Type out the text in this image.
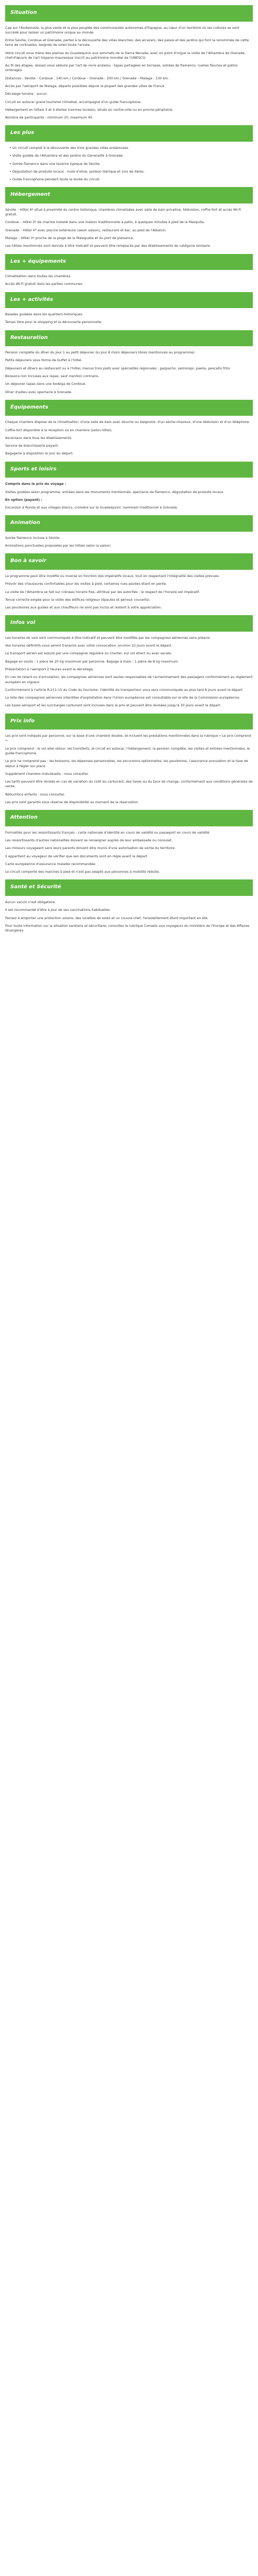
Situation

Cap sur l'Andalousie, la plus vaste et la plus peuplée des communautés autonomes d'Espagne, au cœur d'un territoire où les cultures se sont succédé pour laisser un patrimoine unique au monde.

Entre Séville, Cordoue et Grenade, partez à la découverte des villes blanches, des alcazars, des palais et des jardins qui font la renommée de cette terre de contrastes, baignée de soleil toute l'année.

Votre circuit vous mène des plaines du Guadalquivir aux sommets de la Sierra Nevada, avec en point d'orgue la visite de l'Alhambra de Grenade, chef-d'œuvre de l'art hispano-mauresque inscrit au patrimoine mondial de l'UNESCO.

Au fil des étapes, laissez-vous séduire par l'art de vivre andalou : tapas partagées en terrasse, soirées de flamenco, ruelles fleuries et patios ombragés.

Distances : Séville – Cordoue : 140 km / Cordoue – Grenade : 200 km / Grenade – Malaga : 130 km.

Accès par l'aéroport de Malaga, départs possibles depuis la plupart des grandes villes de France.

Décalage horaire : aucun.

Circuit en autocar grand tourisme climatisé, accompagné d'un guide francophone.

Hébergement en hôtels 3 et 4 étoiles (normes locales), situés en centre-ville ou en proche périphérie.

Nombre de participants : minimum 20, maximum 45.

Les plus

• Un circuit complet à la découverte des trois grandes villes andalouses.

• Visite guidée de l'Alhambra et des jardins du Generalife à Grenade.

• Soirée flamenco dans une taverne typique de Séville.

• Dégustation de produits locaux : huile d'olive, jambon ibérique et vins de Xérès.

• Guide francophone pendant toute la durée du circuit.

Hébergement

Séville – Hôtel 4* situé à proximité du centre historique, chambres climatisées avec salle de bain privative, télévision, coffre-fort et accès Wi-Fi gratuit.

Cordoue – Hôtel 3* de charme installé dans une maison traditionnelle à patio, à quelques minutes à pied de la Mezquita.

Grenade – Hôtel 4* avec piscine extérieure (selon saison), restaurant et bar, au pied de l'Albaicín.

Malaga – Hôtel 3* proche de la plage de la Malagueta et du port de plaisance.

Les hôtels mentionnés sont donnés à titre indicatif et peuvent être remplacés par des établissements de catégorie similaire.

Les + équipements

Climatisation dans toutes les chambres.

Accès Wi-Fi gratuit dans les parties communes.

Les + activités

Balades guidées dans les quartiers historiques.

Temps libre pour le shopping et la découverte personnelle.

Restauration

Pension complète du dîner du jour 1 au petit déjeuner du jour 8 (hors déjeuners libres mentionnés au programme).

Petits déjeuners sous forme de buffet à l'hôtel.

Déjeuners et dîners au restaurant ou à l'hôtel, menus trois plats avec spécialités régionales : gazpacho, salmorejo, paella, pescaíto frito.

Boissons non incluses aux repas, sauf mention contraire.

Un déjeuner tapas dans une bodega de Cordoue.

Dîner d'adieu avec spectacle à Grenade.

Équipements

Chaque chambre dispose de la climatisation, d'une salle de bain avec douche ou baignoire, d'un sèche-cheveux, d'une télévision et d'un téléphone.

Coffre-fort disponible à la réception ou en chambre (selon hôtel).

Ascenseur dans tous les établissements.

Service de blanchisserie payant.

Bagagerie à disposition le jour du départ.

Sports et loisirs

Compris dans le prix du voyage :

Visites guidées selon programme, entrées dans les monuments mentionnés, spectacle de flamenco, dégustation de produits locaux.

En option (payant) :

Excursion à Ronda et aux villages blancs, croisière sur le Guadalquivir, hammam traditionnel à Grenade.

Animation

Soirée flamenco incluse à Séville.

Animations ponctuelles proposées par les hôtels selon la saison.

Bon à savoir

Le programme peut être modifié ou inversé en fonction des impératifs locaux, tout en respectant l'intégralité des visites prévues.

Prévoir des chaussures confortables pour les visites à pied, certaines rues pavées étant en pente.

La visite de l'Alhambra se fait sur créneau horaire fixe, attribué par les autorités ; le respect de l'horaire est impératif.

Tenue correcte exigée pour la visite des édifices religieux (épaules et genoux couverts).

Les pourboires aux guides et aux chauffeurs ne sont pas inclus et restent à votre appréciation.

Infos vol

Les horaires de vols sont communiqués à titre indicatif et peuvent être modifiés par les compagnies aériennes sans préavis.

Vos horaires définitifs vous seront transmis avec votre convocation, environ 10 jours avant le départ.

Le transport aérien est assuré par une compagnie régulière ou charter, sur vol direct ou avec escale.

Bagage en soute : 1 pièce de 20 kg maximum par personne. Bagage à main : 1 pièce de 8 kg maximum.

Présentation à l'aéroport 2 heures avant le décollage.

En cas de retard ou d'annulation, les compagnies aériennes sont seules responsables de l'acheminement des passagers conformément au règlement européen en vigueur.

Conformément à l'article R.211-15 du Code du tourisme, l'identité du transporteur vous sera communiquée au plus tard 8 jours avant le départ.

La liste des compagnies aériennes interdites d'exploitation dans l'Union européenne est consultable sur le site de la Commission européenne.

Les taxes aéroport et les surcharges carburant sont incluses dans le prix et peuvent être révisées jusqu'à 30 jours avant le départ.

Prix info

Les prix sont indiqués par personne, sur la base d'une chambre double, et incluent les prestations mentionnées dans la rubrique « Le prix comprend ».

Le prix comprend : le vol aller-retour, les transferts, le circuit en autocar, l'hébergement, la pension complète, les visites et entrées mentionnées, le guide francophone.

Le prix ne comprend pas : les boissons, les dépenses personnelles, les excursions optionnelles, les pourboires, l'assurance annulation et la taxe de séjour à régler sur place.

Supplément chambre individuelle : nous consulter.

Les tarifs peuvent être révisés en cas de variation du coût du carburant, des taxes ou du taux de change, conformément aux conditions générales de vente.

Réductions enfants : nous consulter.

Les prix sont garantis sous réserve de disponibilité au moment de la réservation.

Attention

Formalités pour les ressortissants français : carte nationale d'identité en cours de validité ou passeport en cours de validité.

Les ressortissants d'autres nationalités doivent se renseigner auprès de leur ambassade ou consulat.

Les mineurs voyageant sans leurs parents doivent être munis d'une autorisation de sortie du territoire.

Il appartient au voyageur de vérifier que ses documents sont en règle avant le départ.

Carte européenne d'assurance maladie recommandée.

Le circuit comporte des marches à pied et n'est pas adapté aux personnes à mobilité réduite.

Santé et Sécurité

Aucun vaccin n'est obligatoire.

Il est recommandé d'être à jour de ses vaccinations habituelles.

Pensez à emporter une protection solaire, des lunettes de soleil et un couvre-chef, l'ensoleillement étant important en été.

Pour toute information sur la situation sanitaire et sécuritaire, consultez la rubrique Conseils aux voyageurs du ministère de l'Europe et des Affaires étrangères.
